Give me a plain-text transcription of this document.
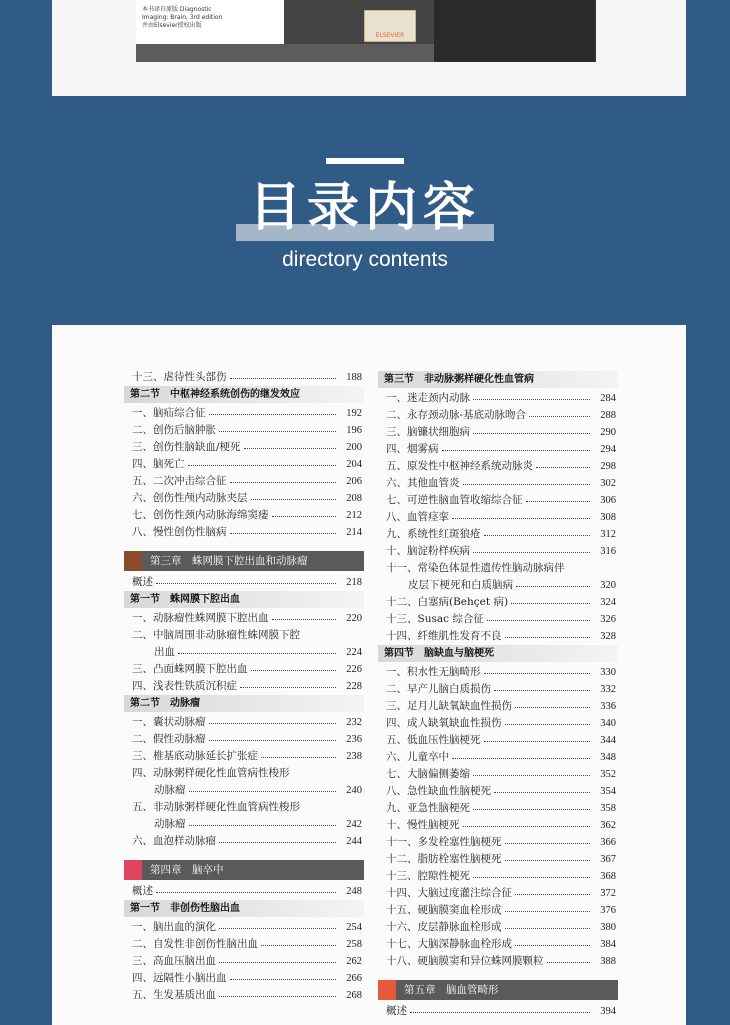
本书译自原版 Diagnostic
Imaging: Brain, 3rd edition
并由Elsevier授权出版
ELSEVIER
目录内容
directory contents
十三、虐待性头部伤	188
第二节　中枢神经系统创伤的继发效应
一、脑疝综合征	192
二、创伤后脑肿胀	196
三、创伤性脑缺血/梗死	200
四、脑死亡	204
五、二次冲击综合征	206
六、创伤性颅内动脉夹层	208
七、创伤性颈内动脉海绵窦瘘	212
八、慢性创伤性脑病	214
第三章　蛛网膜下腔出血和动脉瘤
概述	218
第一节　蛛网膜下腔出血
一、动脉瘤性蛛网膜下腔出血	220
二、中脑周围非动脉瘤性蛛网膜下腔
出血	224
三、凸面蛛网膜下腔出血	226
四、浅表性铁质沉积症	228
第二节　动脉瘤
一、囊状动脉瘤	232
二、假性动脉瘤	236
三、椎基底动脉延长扩张症	238
四、动脉粥样硬化性血管病性梭形
动脉瘤	240
五、非动脉粥样硬化性血管病性梭形
动脉瘤	242
六、血泡样动脉瘤	244
第四章　脑卒中
概述	248
第一节　非创伤性脑出血
一、脑出血的演化	254
二、自发性非创伤性脑出血	258
三、高血压脑出血	262
四、远隔性小脑出血	266
五、生发基质出血	268
第三节　非动脉粥样硬化性血管病
一、迷走颈内动脉	284
二、永存颈动脉-基底动脉吻合	288
三、脑镰状细胞病	290
四、烟雾病	294
五、原发性中枢神经系统动脉炎	298
六、其他血管炎	302
七、可逆性脑血管收缩综合征	306
八、血管痉挛	308
九、系统性红斑狼疮	312
十、脑淀粉样疾病	316
十一、常染色体显性遗传性脑动脉病伴
皮层下梗死和白质脑病	320
十二、白塞病(Behçet 病)	324
十三、Susac 综合征	326
十四、纤维肌性发育不良	328
第四节　脑缺血与脑梗死
一、积水性无脑畸形	330
二、早产儿脑白质损伤	332
三、足月儿缺氧缺血性损伤	336
四、成人缺氧缺血性损伤	340
五、低血压性脑梗死	344
六、儿童卒中	348
七、大脑偏侧萎缩	352
八、急性缺血性脑梗死	354
九、亚急性脑梗死	358
十、慢性脑梗死	362
十一、多发栓塞性脑梗死	366
十二、脂肪栓塞性脑梗死	367
十三、腔隙性梗死	368
十四、大脑过度灌注综合征	372
十五、硬脑膜窦血栓形成	376
十六、皮层静脉血栓形成	380
十七、大脑深静脉血栓形成	384
十八、硬脑膜窦和异位蛛网膜颗粒	388
第五章　脑血管畸形
概述	394
